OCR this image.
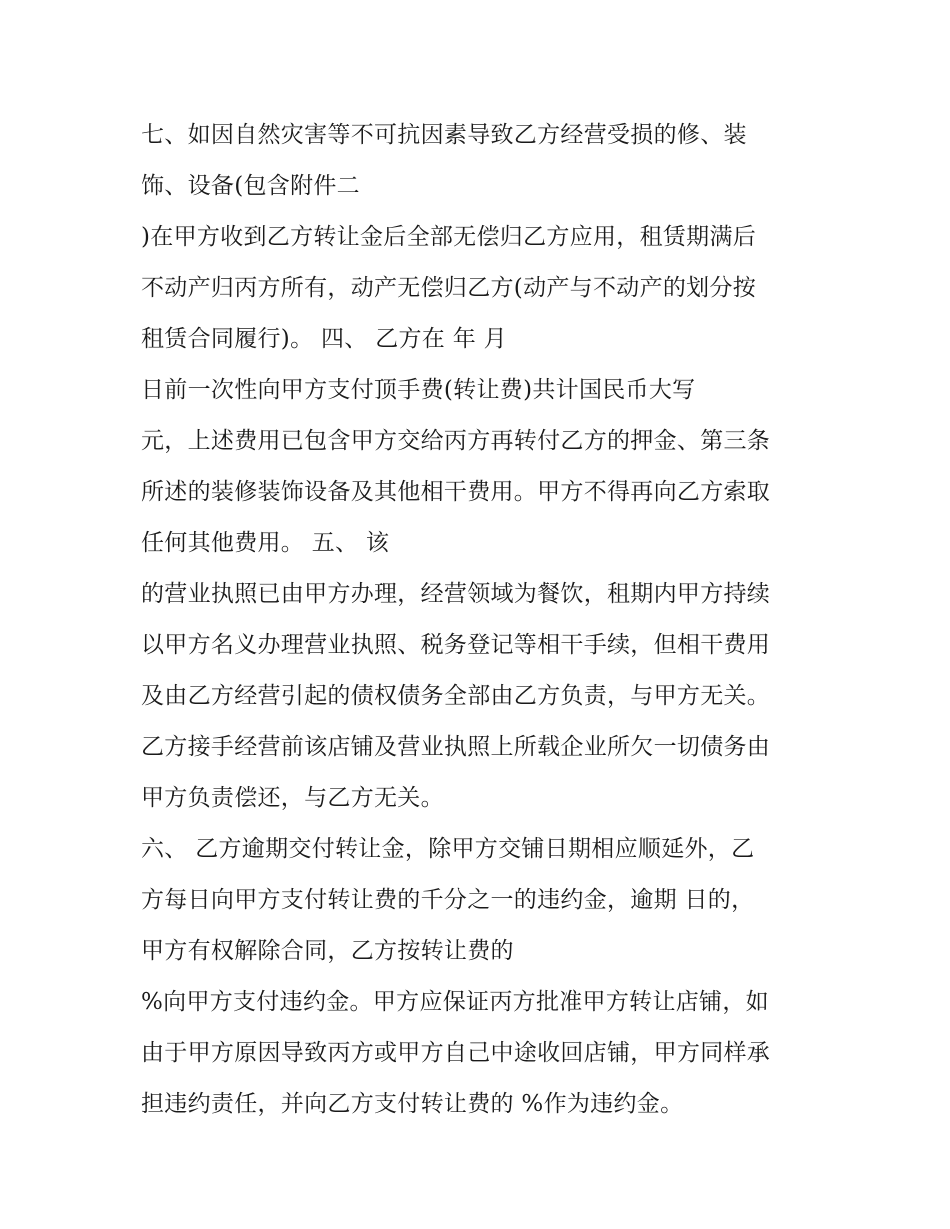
七、如因自然灾害等不可抗因素导致乙方经营受损的修、装
饰、设备(包含附件二
)在甲方收到乙方转让金后全部无偿归乙方应用，租赁期满后
不动产归丙方所有，动产无偿归乙方(动产与不动产的划分按
租赁合同履行)。 四、 乙方在 年 月
日前一次性向甲方支付顶手费(转让费)共计国民币大写
元，上述费用已包含甲方交给丙方再转付乙方的押金、第三条
所述的装修装饰设备及其他相干费用。甲方不得再向乙方索取
任何其他费用。 五、 该
的营业执照已由甲方办理，经营领域为餐饮，租期内甲方持续
以甲方名义办理营业执照、税务登记等相干手续，但相干费用
及由乙方经营引起的债权债务全部由乙方负责，与甲方无关。
乙方接手经营前该店铺及营业执照上所载企业所欠一切债务由
甲方负责偿还，与乙方无关。
六、 乙方逾期交付转让金，除甲方交铺日期相应顺延外，乙
方每日向甲方支付转让费的千分之一的违约金，逾期 日的，
甲方有权解除合同，乙方按转让费的
%向甲方支付违约金。甲方应保证丙方批准甲方转让店铺，如
由于甲方原因导致丙方或甲方自己中途收回店铺，甲方同样承
担违约责任，并向乙方支付转让费的 %作为违约金。
